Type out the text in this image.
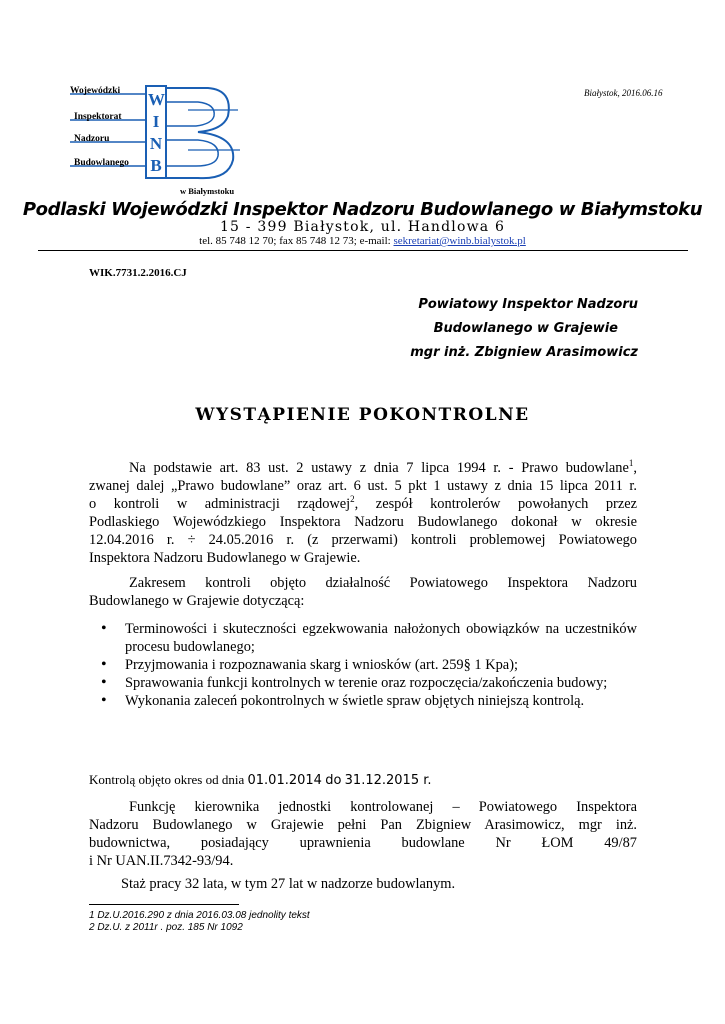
Białystok, 2016.06.16
Wojewódzki
Inspektorat
Nadzoru
Budowlanego
W
I
N
B
w Białymstoku
Podlaski Wojewódzki Inspektor Nadzoru Budowlanego w Białymstoku
15 - 399 Białystok, ul. Handlowa 6
tel. 85 748 12 70; fax 85 748 12 73; e-mail: sekretariat@winb.bialystok.pl
WIK.7731.2.2016.CJ
Powiatowy Inspektor Nadzoru
Budowlanego w Grajewie
mgr inż. Zbigniew Arasimowicz
WYSTĄPIENIE POKONTROLNE
Na podstawie art. 83 ust. 2 ustawy z dnia 7 lipca 1994 r. - Prawo budowlane$^1$,
zwanej dalej „Prawo budowlane” oraz art. 6 ust. 5 pkt 1 ustawy z dnia 15 lipca 2011 r.
o kontroli w administracji rządowej$^2$, zespół kontrolerów powołanych przez
Podlaskiego Wojewódzkiego Inspektora Nadzoru Budowlanego dokonał w okresie
12.04.2016 r. ÷ 24.05.2016 r. (z przerwami) kontroli problemowej Powiatowego
Inspektora Nadzoru Budowlanego w Grajewie.
Zakresem kontroli objęto działalność Powiatowego Inspektora Nadzoru
Budowlanego w Grajewie dotyczącą:
• Terminowości i skuteczności egzekwowania nałożonych obowiązków na uczestników procesu budowlanego;
• Przyjmowania i rozpoznawania skarg i wniosków (art. 259§ 1 Kpa);
• Sprawowania funkcji kontrolnych w terenie oraz rozpoczęcia/zakończenia budowy;
• Wykonania zaleceń pokontrolnych w świetle spraw objętych niniejszą kontrolą.
Kontrolą objęto okres od dnia 01.01.2014 do 31.12.2015 r.
Funkcję kierownika jednostki kontrolowanej – Powiatowego Inspektora
Nadzoru Budowlanego w Grajewie pełni Pan Zbigniew Arasimowicz, mgr inż.
budownictwa, posiadający uprawnienia budowlane Nr ŁOM 49/87
i Nr UAN.II.7342-93/94.
Staż pracy 32 lata, w tym 27 lat w nadzorze budowlanym.
1 Dz.U.2016.290 z dnia 2016.03.08 jednolity tekst
2 Dz.U. z 2011r . poz. 185 Nr 1092
